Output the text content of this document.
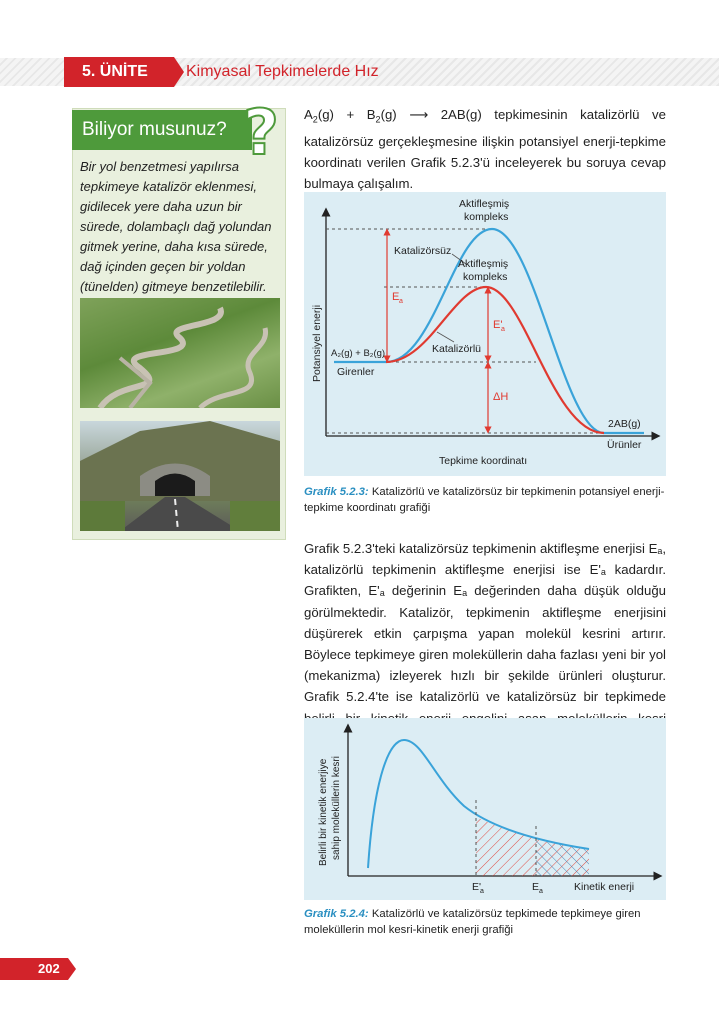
5. ÜNİTE	Kimyasal Tepkimelerde Hız
Biliyor musunuz? ?
Bir yol benzetmesi yapılırsa tepkimeye katalizör eklenmesi, gidilecek yere daha uzun bir sürede, dolambaçlı dağ yolundan gitmek yerine, daha kısa sürede, dağ içinden geçen bir yoldan (tünelden) gitmeye benzetilebilir.
$A_2(g) + B_2(g)$ ⟶ 2AB(g) tepkimesinin katalizörlü ve katalizörsüz gerçekleşmesine ilişkin potansiyel enerji-tepkime koordinatı verilen Grafik 5.2.3'ü inceleyerek bu soruya cevap bulmaya çalışalım.
Aktifleşmiş
kompleks
Aktifleşmiş
kompleks
Katalizörsüz
Katalizörlü
E a
E'
a
ΔH
A₂(g) + B₂(g)
Girenler
2AB(g)
Ürünler
Tepkime koordinatı
Potansiyel enerji
Grafik 5.2.3: Katalizörlü ve katalizörsüz bir tepkimenin potansiyel enerji-tepkime koordinatı grafiği
Grafik 5.2.3'teki katalizörsüz tepkimenin aktifleşme enerjisi Eₐ, katalizörlü tepkimenin aktifleşme enerjisi ise E'ₐ kadardır. Grafikten, E'ₐ değerinin Eₐ değerinden daha düşük olduğu görülmektedir. Katalizör, tepkimenin aktifleşme enerjisini düşürerek etkin çarpışma yapan molekül kesrini artırır. Böylece tepkimeye giren moleküllerin daha fazlası yeni bir yol (mekanizma) izleyerek hızlı bir şekilde ürünleri oluşturur. Grafik 5.2.4'te ise katalizörlü ve katalizörsüz bir tepkimede
E'
a	E a	Kinetik enerji
Belirli bir kinetik enerjiye sahip moleküllerin kesri
Grafik 5.2.4: Katalizörlü ve katalizörsüz tepkimede tepkimeye giren moleküllerin mol kesri-kinetik enerji grafiği
202
